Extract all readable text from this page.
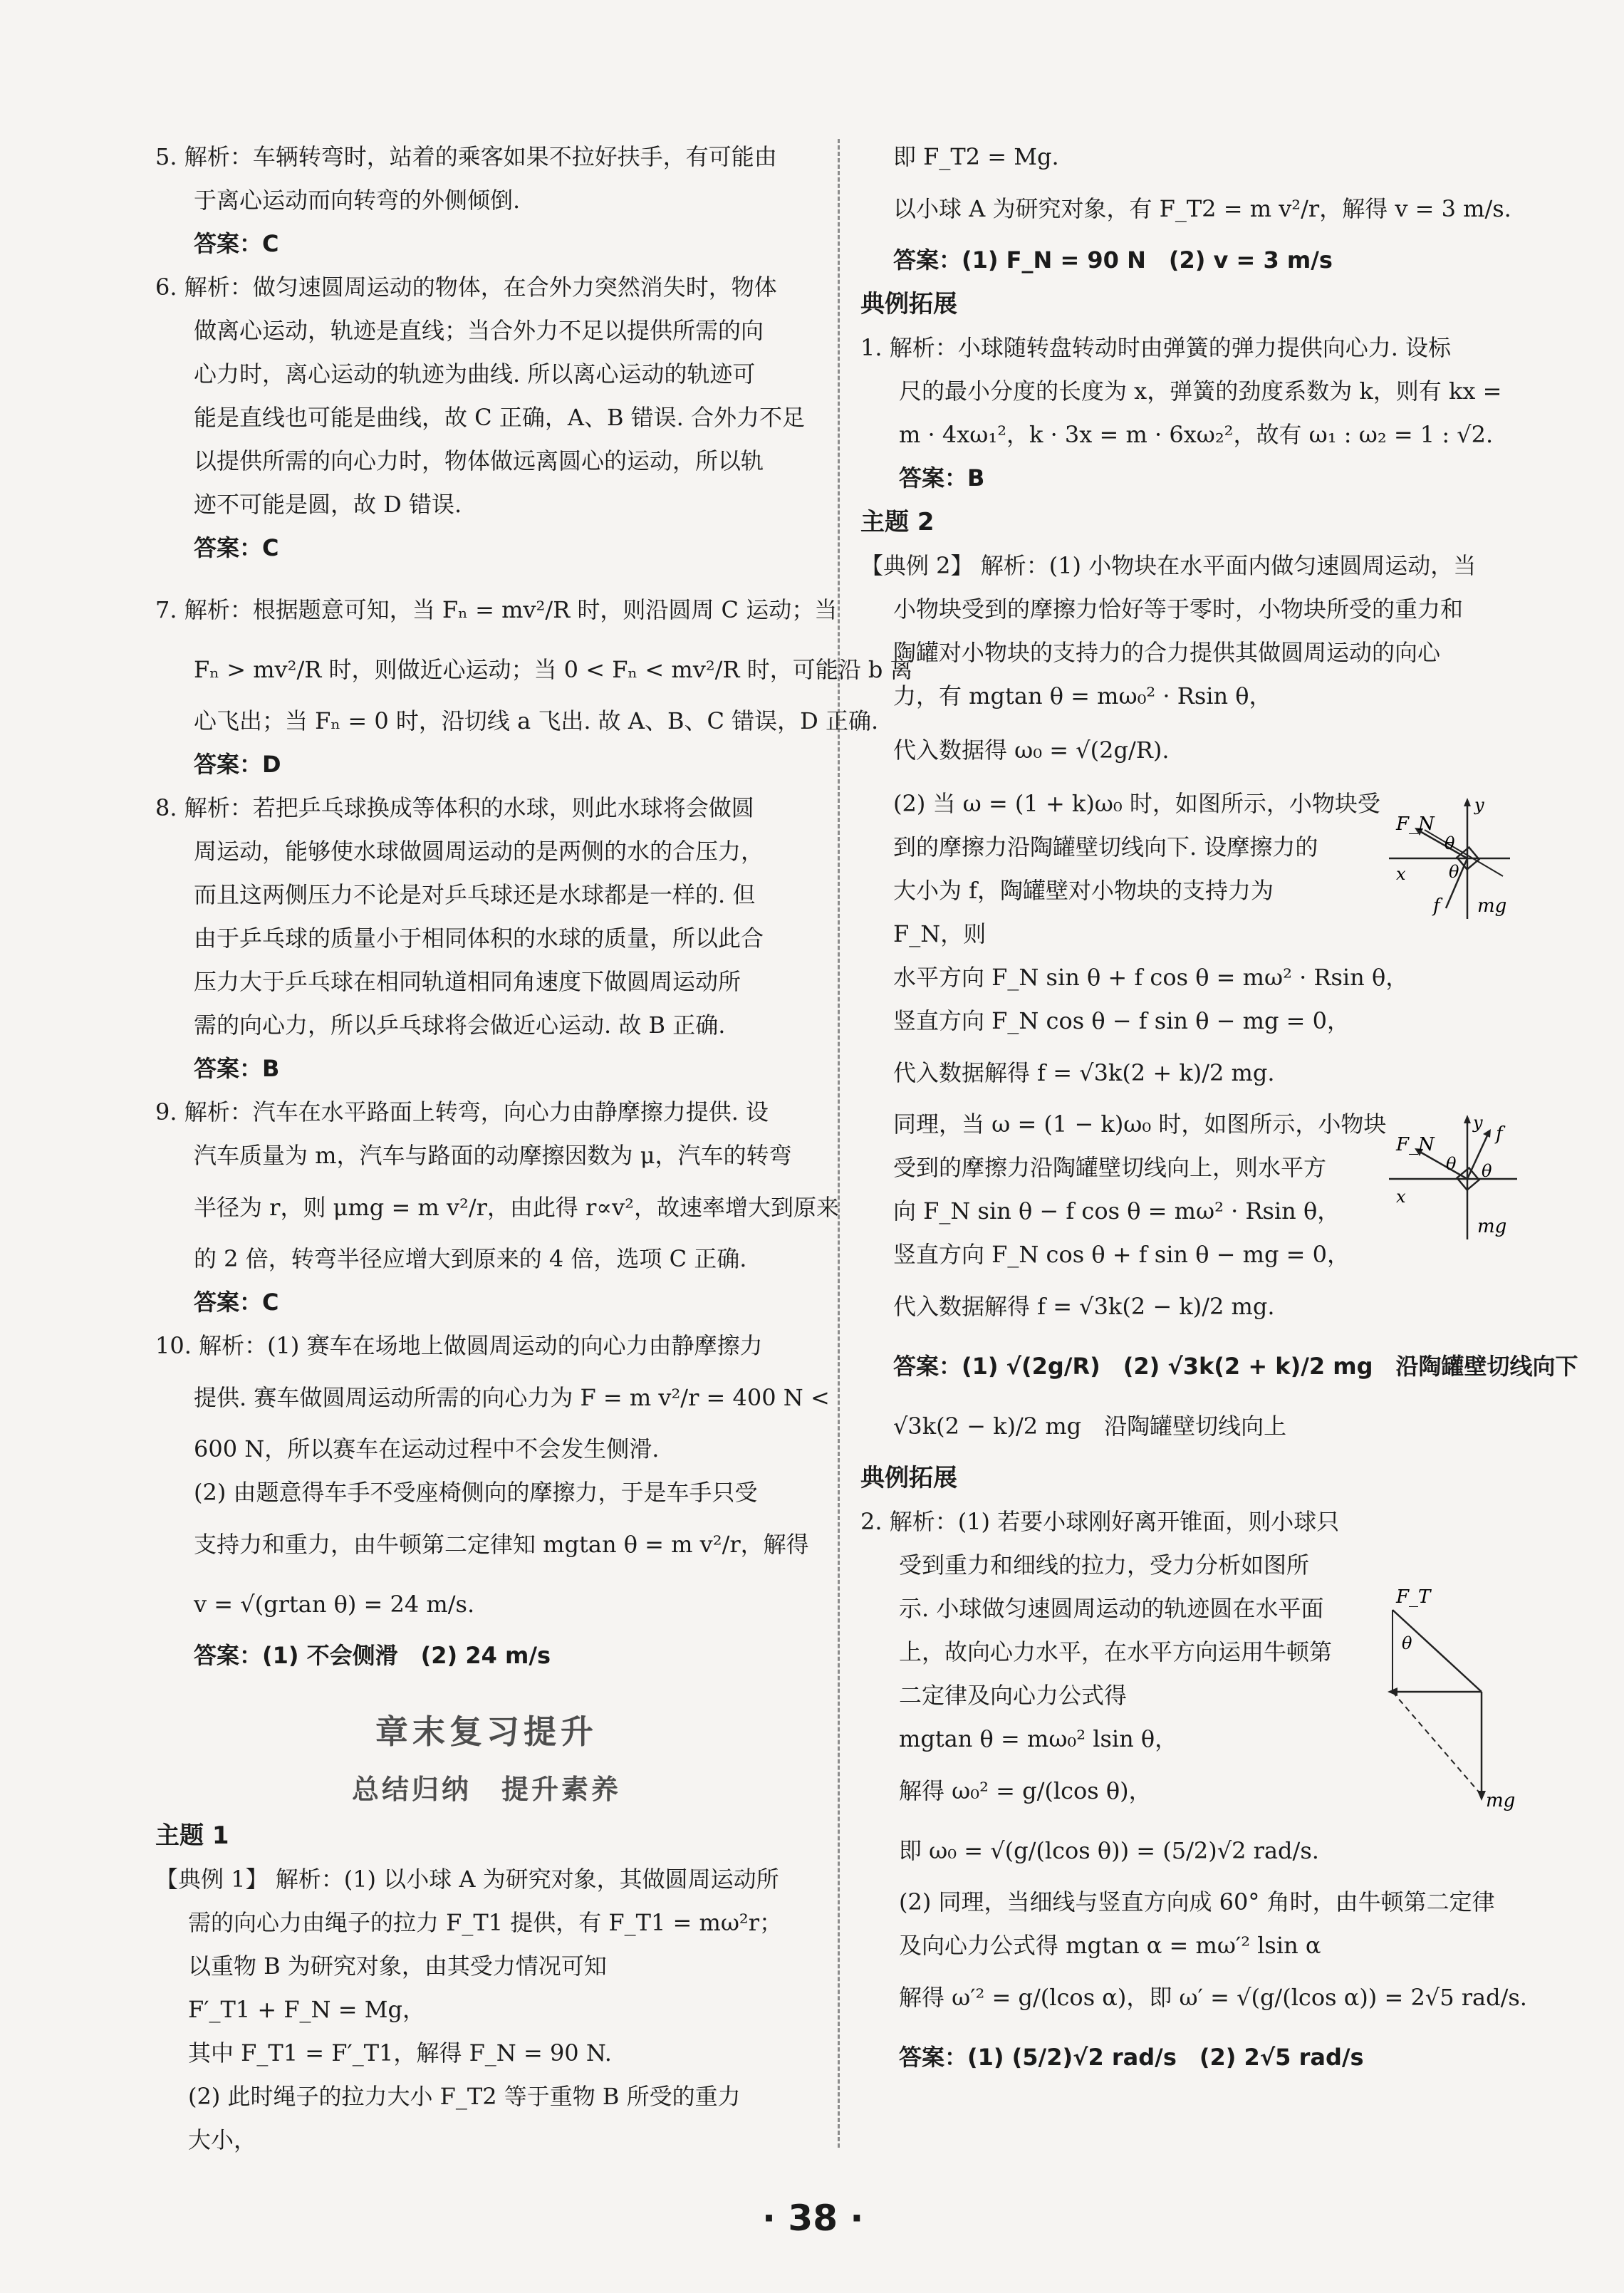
5. 解析：车辆转弯时，站着的乘客如果不拉好扶手，有可能由

于离心运动而向转弯的外侧倾倒.

答案：C

6. 解析：做匀速圆周运动的物体，在合外力突然消失时，物体

做离心运动，轨迹是直线；当合外力不足以提供所需的向

心力时，离心运动的轨迹为曲线. 所以离心运动的轨迹可

能是直线也可能是曲线，故 C 正确，A、B 错误. 合外力不足

以提供所需的向心力时，物体做远离圆心的运动，所以轨

迹不可能是圆，故 D 错误.

答案：C

7. 解析：根据题意可知，当 Fₙ = mv²/R 时，则沿圆周 C 运动；当

Fₙ > mv²/R 时，则做近心运动；当 0 < Fₙ < mv²/R 时，可能沿 b 离

心飞出；当 Fₙ = 0 时，沿切线 a 飞出. 故 A、B、C 错误，D 正确.

答案：D

8. 解析：若把乒乓球换成等体积的水球，则此水球将会做圆

周运动，能够使水球做圆周运动的是两侧的水的合压力，

而且这两侧压力不论是对乒乓球还是水球都是一样的. 但

由于乒乓球的质量小于相同体积的水球的质量，所以此合

压力大于乒乓球在相同轨道相同角速度下做圆周运动所

需的向心力，所以乒乓球将会做近心运动. 故 B 正确.

答案：B

9. 解析：汽车在水平路面上转弯，向心力由静摩擦力提供. 设

汽车质量为 m，汽车与路面的动摩擦因数为 μ，汽车的转弯

半径为 r，则 μmg = m v²/r，由此得 r∝v²，故速率增大到原来

的 2 倍，转弯半径应增大到原来的 4 倍，选项 C 正确.

答案：C

10. 解析：(1) 赛车在场地上做圆周运动的向心力由静摩擦力

提供. 赛车做圆周运动所需的向心力为 F = m v²/r = 400 N <

600 N，所以赛车在运动过程中不会发生侧滑.

(2) 由题意得车手不受座椅侧向的摩擦力，于是车手只受

支持力和重力，由牛顿第二定律知 mgtan θ = m v²/r，解得

v = √(grtan θ) = 24 m/s.

答案：(1) 不会侧滑　(2) 24 m/s

章末复习提升
总结归纳　提升素养

主题 1

【典例 1】 解析：(1) 以小球 A 为研究对象，其做圆周运动所

需的向心力由绳子的拉力 F_T1 提供，有 F_T1 = mω²r；

以重物 B 为研究对象，由其受力情况可知

F′_T1 + F_N = Mg，

其中 F_T1 = F′_T1，解得 F_N = 90 N.

(2) 此时绳子的拉力大小 F_T2 等于重物 B 所受的重力

大小，

即 F_T2 = Mg.

以小球 A 为研究对象，有 F_T2 = m v²/r，解得 v = 3 m/s.

答案：(1) F_N = 90 N　(2) v = 3 m/s

典例拓展

1. 解析：小球随转盘转动时由弹簧的弹力提供向心力. 设标

尺的最小分度的长度为 x，弹簧的劲度系数为 k，则有 kx =

m · 4xω₁²，k · 3x = m · 6xω₂²，故有 ω₁ : ω₂ = 1 : √2.

答案：B

主题 2

【典例 2】 解析：(1) 小物块在水平面内做匀速圆周运动，当

小物块受到的摩擦力恰好等于零时，小物块所受的重力和

陶罐对小物块的支持力的合力提供其做圆周运动的向心

力，有 mgtan θ = mω₀² · Rsin θ，

代入数据得 ω₀ = √(2g/R).

(2) 当 ω = (1 + k)ω₀ 时，如图所示，小物块受

到的摩擦力沿陶罐壁切线向下. 设摩擦力的

大小为 f，陶罐壁对小物块的支持力为

F_N，则

水平方向 F_N sin θ + f cos θ = mω² · Rsin θ，

竖直方向 F_N cos θ − f sin θ − mg = 0，

代入数据解得 f = √3k(2 + k)/2 mg.

同理，当 ω = (1 − k)ω₀ 时，如图所示，小物块

受到的摩擦力沿陶罐壁切线向上，则水平方

向 F_N sin θ − f cos θ = mω² · Rsin θ，

竖直方向 F_N cos θ + f sin θ − mg = 0，

代入数据解得 f = √3k(2 − k)/2 mg.

答案：(1) √(2g/R)　(2) √3k(2 + k)/2 mg　沿陶罐壁切线向下

√3k(2 − k)/2 mg　沿陶罐壁切线向上

典例拓展

2. 解析：(1) 若要小球刚好离开锥面，则小球只

受到重力和细线的拉力，受力分析如图所

示. 小球做匀速圆周运动的轨迹圆在水平面

上，故向心力水平，在水平方向运用牛顿第

二定律及向心力公式得

mgtan θ = mω₀² lsin θ，

解得 ω₀² = g/(lcos θ)，

即 ω₀ = √(g/(lcos θ)) = (5/2)√2 rad/s.

(2) 同理，当细线与竖直方向成 60° 角时，由牛顿第二定律

及向心力公式得 mgtan α = mω′² lsin α

解得 ω′² = g/(lcos α)，即 ω′ = √(g/(lcos α)) = 2√5 rad/s.

答案：(1) (5/2)√2 rad/s　(2) 2√5 rad/s

F_N
y
θ
x	θ
f mg
F_N
y
f
θ θ
x
mg
F_T
θ
mg
· 38 ·
